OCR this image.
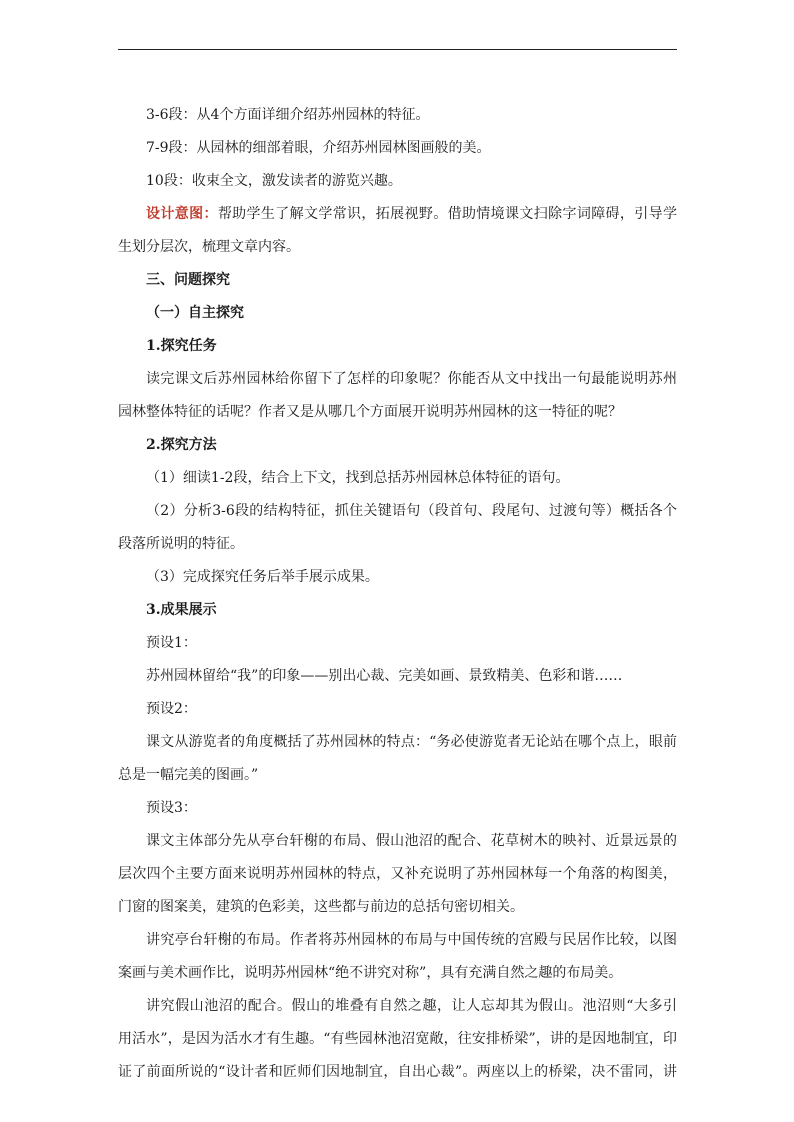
3-6段：从4个方面详细介绍苏州园林的特征。
7-9段：从园林的细部着眼，介绍苏州园林图画般的美。
10段：收束全文，激发读者的游览兴趣。
设计意图：帮助学生了解文学常识，拓展视野。借助情境课文扫除字词障碍，引导学
生划分层次，梳理文章内容。
三、问题探究
（一）自主探究
1.探究任务
读完课文后苏州园林给你留下了怎样的印象呢？你能否从文中找出一句最能说明苏州
园林整体特征的话呢？作者又是从哪几个方面展开说明苏州园林的这一特征的呢？
2.探究方法
（1）细读1-2段，结合上下文，找到总括苏州园林总体特征的语句。
（2）分析3-6段的结构特征，抓住关键语句（段首句、段尾句、过渡句等）概括各个
段落所说明的特征。
（3）完成探究任务后举手展示成果。
3.成果展示
预设1：
苏州园林留给“我”的印象——别出心裁、完美如画、景致精美、色彩和谐……
预设2：
课文从游览者的角度概括了苏州园林的特点：“务必使游览者无论站在哪个点上，眼前
总是一幅完美的图画。”
预设3：
课文主体部分先从亭台轩榭的布局、假山池沼的配合、花草树木的映衬、近景远景的
层次四个主要方面来说明苏州园林的特点，又补充说明了苏州园林每一个角落的构图美，
门窗的图案美，建筑的色彩美，这些都与前边的总括句密切相关。
讲究亭台轩榭的布局。作者将苏州园林的布局与中国传统的宫殿与民居作比较，以图
案画与美术画作比，说明苏州园林“绝不讲究对称”，具有充满自然之趣的布局美。
讲究假山池沼的配合。假山的堆叠有自然之趣，让人忘却其为假山。池沼则“大多引
用活水”，是因为活水才有生趣。“有些园林池沼宽敞，往安排桥梁”，讲的是因地制宜，印
证了前面所说的“设计者和匠师们因地制宜，自出心裁”。两座以上的桥梁，决不雷同，讲
